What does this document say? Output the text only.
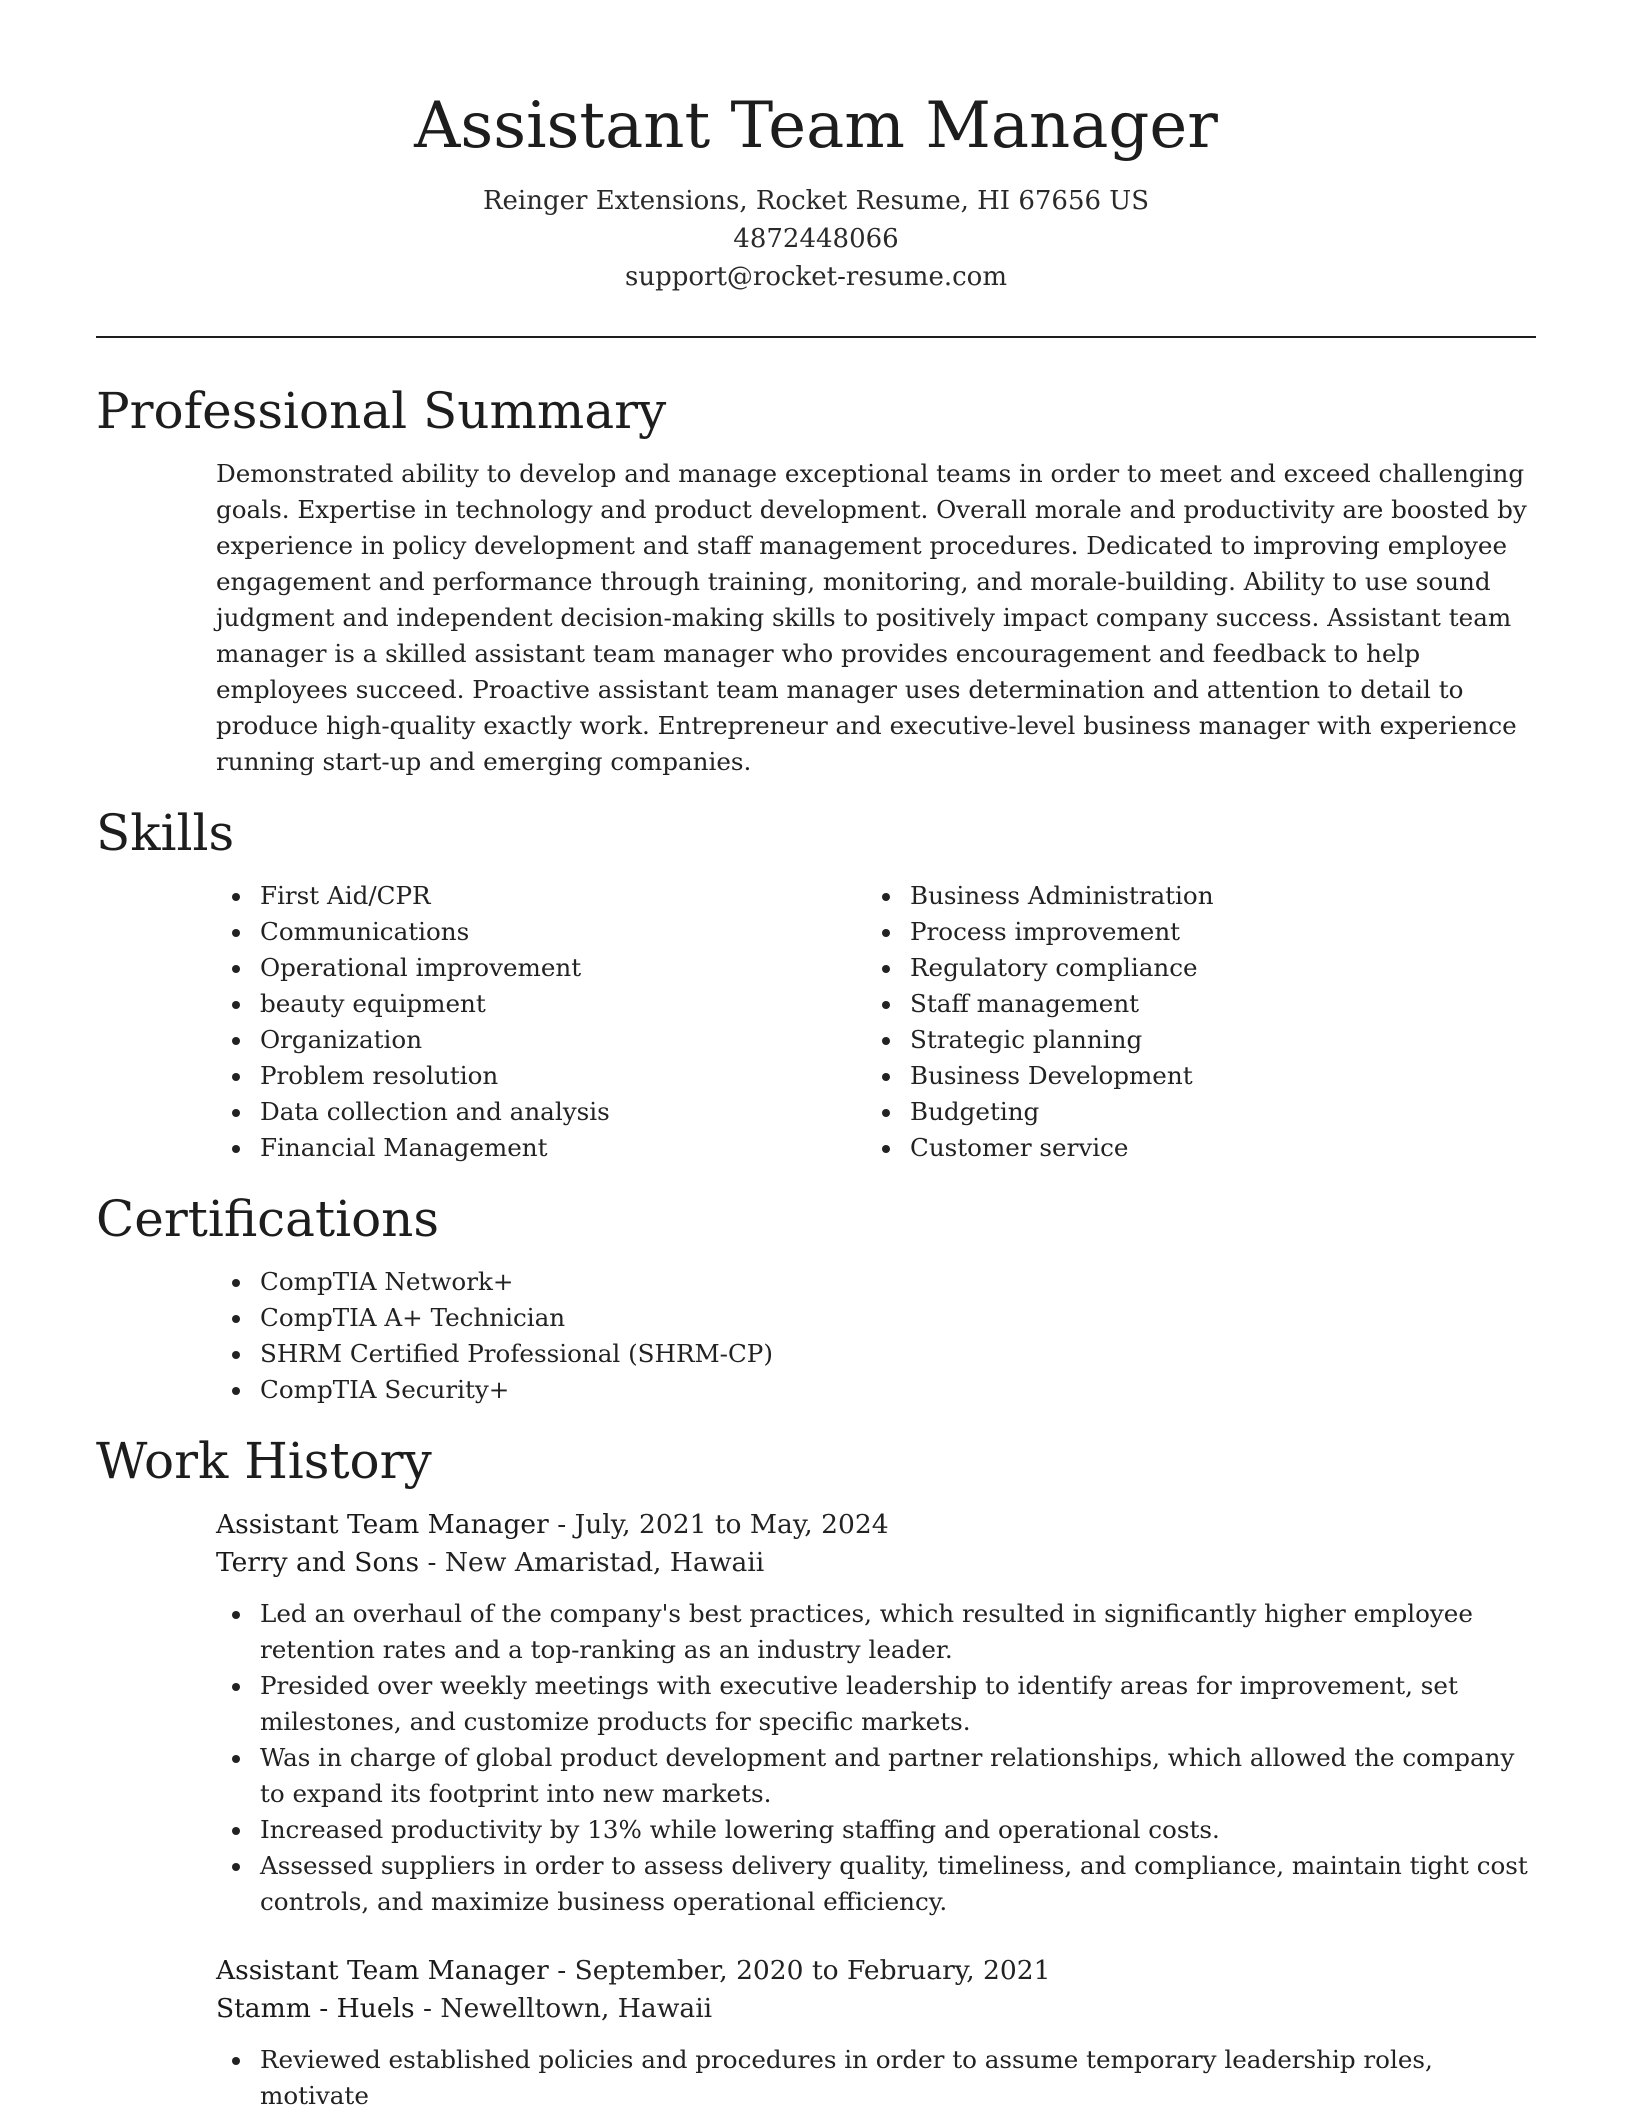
Assistant Team Manager
Reinger Extensions, Rocket Resume, HI 67656 US
4872448066
support@rocket-resume.com
Professional Summary
Demonstrated ability to develop and manage exceptional teams in order to meet and exceed challenging goals. Expertise in technology and product development. Overall morale and productivity are boosted by experience in policy development and staff management procedures. Dedicated to improving employee engagement and performance through training, monitoring, and morale-building. Ability to use sound judgment and independent decision-making skills to positively impact company success. Assistant team manager is a skilled assistant team manager who provides encouragement and feedback to help employees succeed. Proactive assistant team manager uses determination and attention to detail to produce high-quality exactly work. Entrepreneur and executive-level business manager with experience running start-up and emerging companies.
Skills
First Aid/CPR
Communications
Operational improvement
beauty equipment
Organization
Problem resolution
Data collection and analysis
Financial Management
Business Administration
Process improvement
Regulatory compliance
Staff management
Strategic planning
Business Development
Budgeting
Customer service
Certifications
CompTIA Network+
CompTIA A+ Technician
SHRM Certified Professional (SHRM-CP)
CompTIA Security+
Work History
Assistant Team Manager - July, 2021 to May, 2024
Terry and Sons - New Amaristad, Hawaii
Led an overhaul of the company's best practices, which resulted in significantly higher employee retention rates and a top-ranking as an industry leader.
Presided over weekly meetings with executive leadership to identify areas for improvement, set milestones, and customize products for specific markets.
Was in charge of global product development and partner relationships, which allowed the company to expand its footprint into new markets.
Increased productivity by 13% while lowering staffing and operational costs.
Assessed suppliers in order to assess delivery quality, timeliness, and compliance, maintain tight cost controls, and maximize business operational efficiency.
Assistant Team Manager - September, 2020 to February, 2021
Stamm - Huels - Newelltown, Hawaii
Reviewed established policies and procedures in order to assume temporary leadership roles, motivate
